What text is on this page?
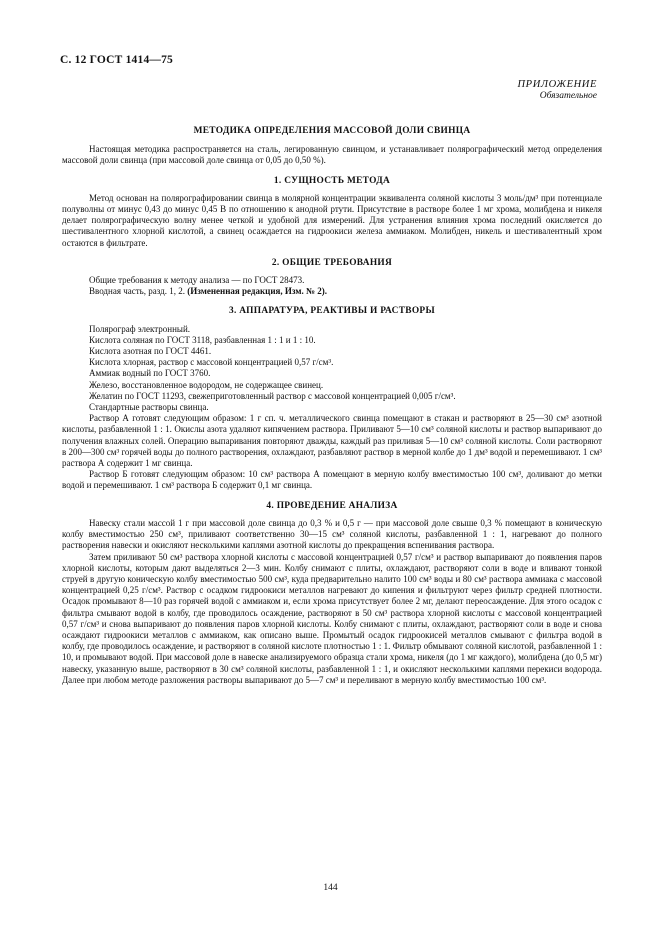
С. 12 ГОСТ 1414—75
ПРИЛОЖЕНИЕ
Обязательное
МЕТОДИКА ОПРЕДЕЛЕНИЯ МАССОВОЙ ДОЛИ СВИНЦА

Настоящая методика распространяется на сталь, легированную свинцом, и устанавливает полярографический метод определения массовой доли свинца (при массовой доле свинца от 0,05 до 0,50 %).

1. СУЩНОСТЬ МЕТОДА

Метод основан на полярографировании свинца в молярной концентрации эквивалента соляной кислоты 3 моль/дм³ при потенциале полуволны от минус 0,43 до минус 0,45 В по отношению к анодной ртути. Присутствие в растворе более 1 мг хрома, молибдена и никеля делает полярографическую волну менее четкой и удобной для измерений. Для устранения влияния хрома последний окисляется до шестивалентного хлорной кислотой, а свинец осаждается на гидроокиси железа аммиаком. Молибден, никель и шестивалентный хром остаются в фильтрате.

2. ОБЩИЕ ТРЕБОВАНИЯ

Общие требования к методу анализа — по ГОСТ 28473.

Вводная часть, разд. 1, 2. (Измененная редакция, Изм. № 2).

3. АППАРАТУРА, РЕАКТИВЫ И РАСТВОРЫ

Полярограф электронный.

Кислота соляная по ГОСТ 3118, разбавленная 1 : 1 и 1 : 10.

Кислота азотная по ГОСТ 4461.

Кислота хлорная, раствор с массовой концентрацией 0,57 г/см³.

Аммиак водный по ГОСТ 3760.

Железо, восстановленное водородом, не содержащее свинец.

Желатин по ГОСТ 11293, свежеприготовленный раствор с массовой концентрацией 0,005 г/см³.

Стандартные растворы свинца.

Раствор А готовят следующим образом: 1 г сп. ч. металлического свинца помещают в стакан и растворяют в 25—30 см³ азотной кислоты, разбавленной 1 : 1. Окислы азота удаляют кипячением раствора. Приливают 5—10 см³ соляной кислоты и раствор выпаривают до получения влажных солей. Операцию выпаривания повторяют дважды, каждый раз приливая 5—10 см³ соляной кислоты. Соли растворяют в 200—300 см³ горячей воды до полного растворения, охлаждают, разбавляют раствор в мерной колбе до 1 дм³ водой и перемешивают. 1 см³ раствора А содержит 1 мг свинца.

Раствор Б готовят следующим образом: 10 см³ раствора А помещают в мерную колбу вместимостью 100 см³, доливают до метки водой и перемешивают. 1 см³ раствора Б содержит 0,1 мг свинца.

4. ПРОВЕДЕНИЕ АНАЛИЗА

Навеску стали массой 1 г при массовой доле свинца до 0,3 % и 0,5 г — при массовой доле свыше 0,3 % помещают в коническую колбу вместимостью 250 см³, приливают соответственно 30—15 см³ соляной кислоты, разбавленной 1 : 1, нагревают до полного растворения навески и окисляют несколькими каплями азотной кислоты до прекращения вспенивания раствора.

Затем приливают 50 см³ раствора хлорной кислоты с массовой концентрацией 0,57 г/см³ и раствор выпаривают до появления паров хлорной кислоты, которым дают выделяться 2—3 мин. Колбу снимают с плиты, охлаждают, растворяют соли в воде и вливают тонкой струей в другую коническую колбу вместимостью 500 см³, куда предварительно налито 100 см³ воды и 80 см³ раствора аммиака с массовой концентрацией 0,25 г/см³. Раствор с осадком гидроокиси металлов нагревают до кипения и фильтруют через фильтр средней плотности. Осадок промывают 8—10 раз горячей водой с аммиаком и, если хрома присутствует более 2 мг, делают переосаждение. Для этого осадок с фильтра смывают водой в колбу, где проводилось осаждение, растворяют в 50 см³ раствора хлорной кислоты с массовой концентрацией 0,57 г/см³ и снова выпаривают до появления паров хлорной кислоты. Колбу снимают с плиты, охлаждают, растворяют соли в воде и снова осаждают гидроокиси металлов с аммиаком, как описано выше. Промытый осадок гидроокисей металлов смывают с фильтра водой в колбу, где проводилось осаждение, и растворяют в соляной кислоте плотностью 1 : 1. Фильтр обмывают соляной кислотой, разбавленной 1 : 10, и промывают водой. При массовой доле в навеске анализируемого образца стали хрома, никеля (до 1 мг каждого), молибдена (до 0,5 мг) навеску, указанную выше, растворяют в 30 см³ соляной кислоты, разбавленной 1 : 1, и окисляют несколькими каплями перекиси водорода. Далее при любом методе разложения растворы выпаривают до 5—7 см³ и переливают в мерную колбу вместимостью 100 см³.

144
